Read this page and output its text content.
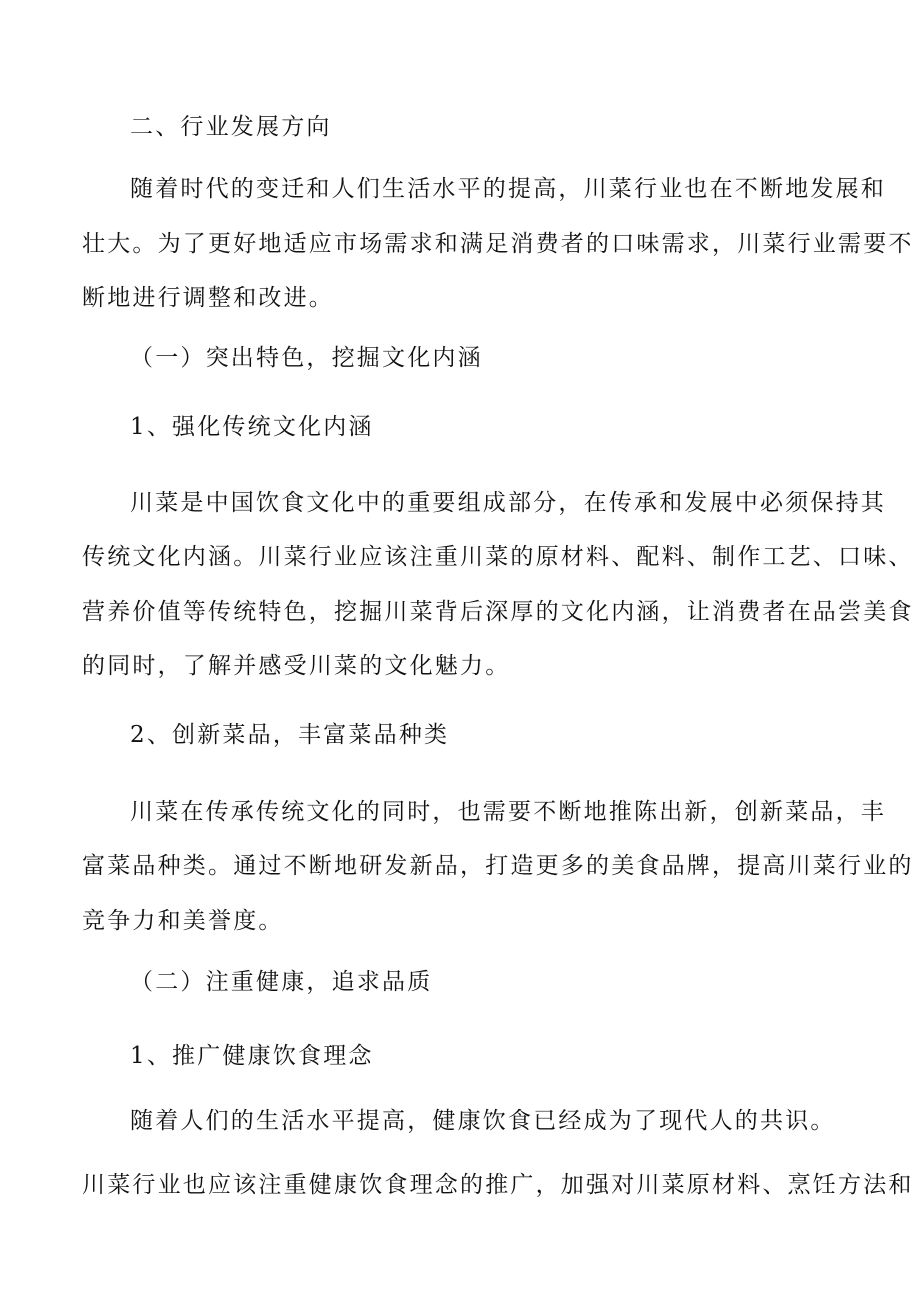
二、行业发展方向

随着时代的变迁和人们生活水平的提高，川菜行业也在不断地发展和

壮大。为了更好地适应市场需求和满足消费者的口味需求，川菜行业需要不

断地进行调整和改进。

（一）突出特色，挖掘文化内涵

1、强化传统文化内涵

川菜是中国饮食文化中的重要组成部分，在传承和发展中必须保持其

传统文化内涵。川菜行业应该注重川菜的原材料、配料、制作工艺、口味、

营养价值等传统特色，挖掘川菜背后深厚的文化内涵，让消费者在品尝美食

的同时，了解并感受川菜的文化魅力。

2、创新菜品，丰富菜品种类

川菜在传承传统文化的同时，也需要不断地推陈出新，创新菜品，丰

富菜品种类。通过不断地研发新品，打造更多的美食品牌，提高川菜行业的

竞争力和美誉度。

（二）注重健康，追求品质

1、推广健康饮食理念

随着人们的生活水平提高，健康饮食已经成为了现代人的共识。

川菜行业也应该注重健康饮食理念的推广，加强对川菜原材料、烹饪方法和
